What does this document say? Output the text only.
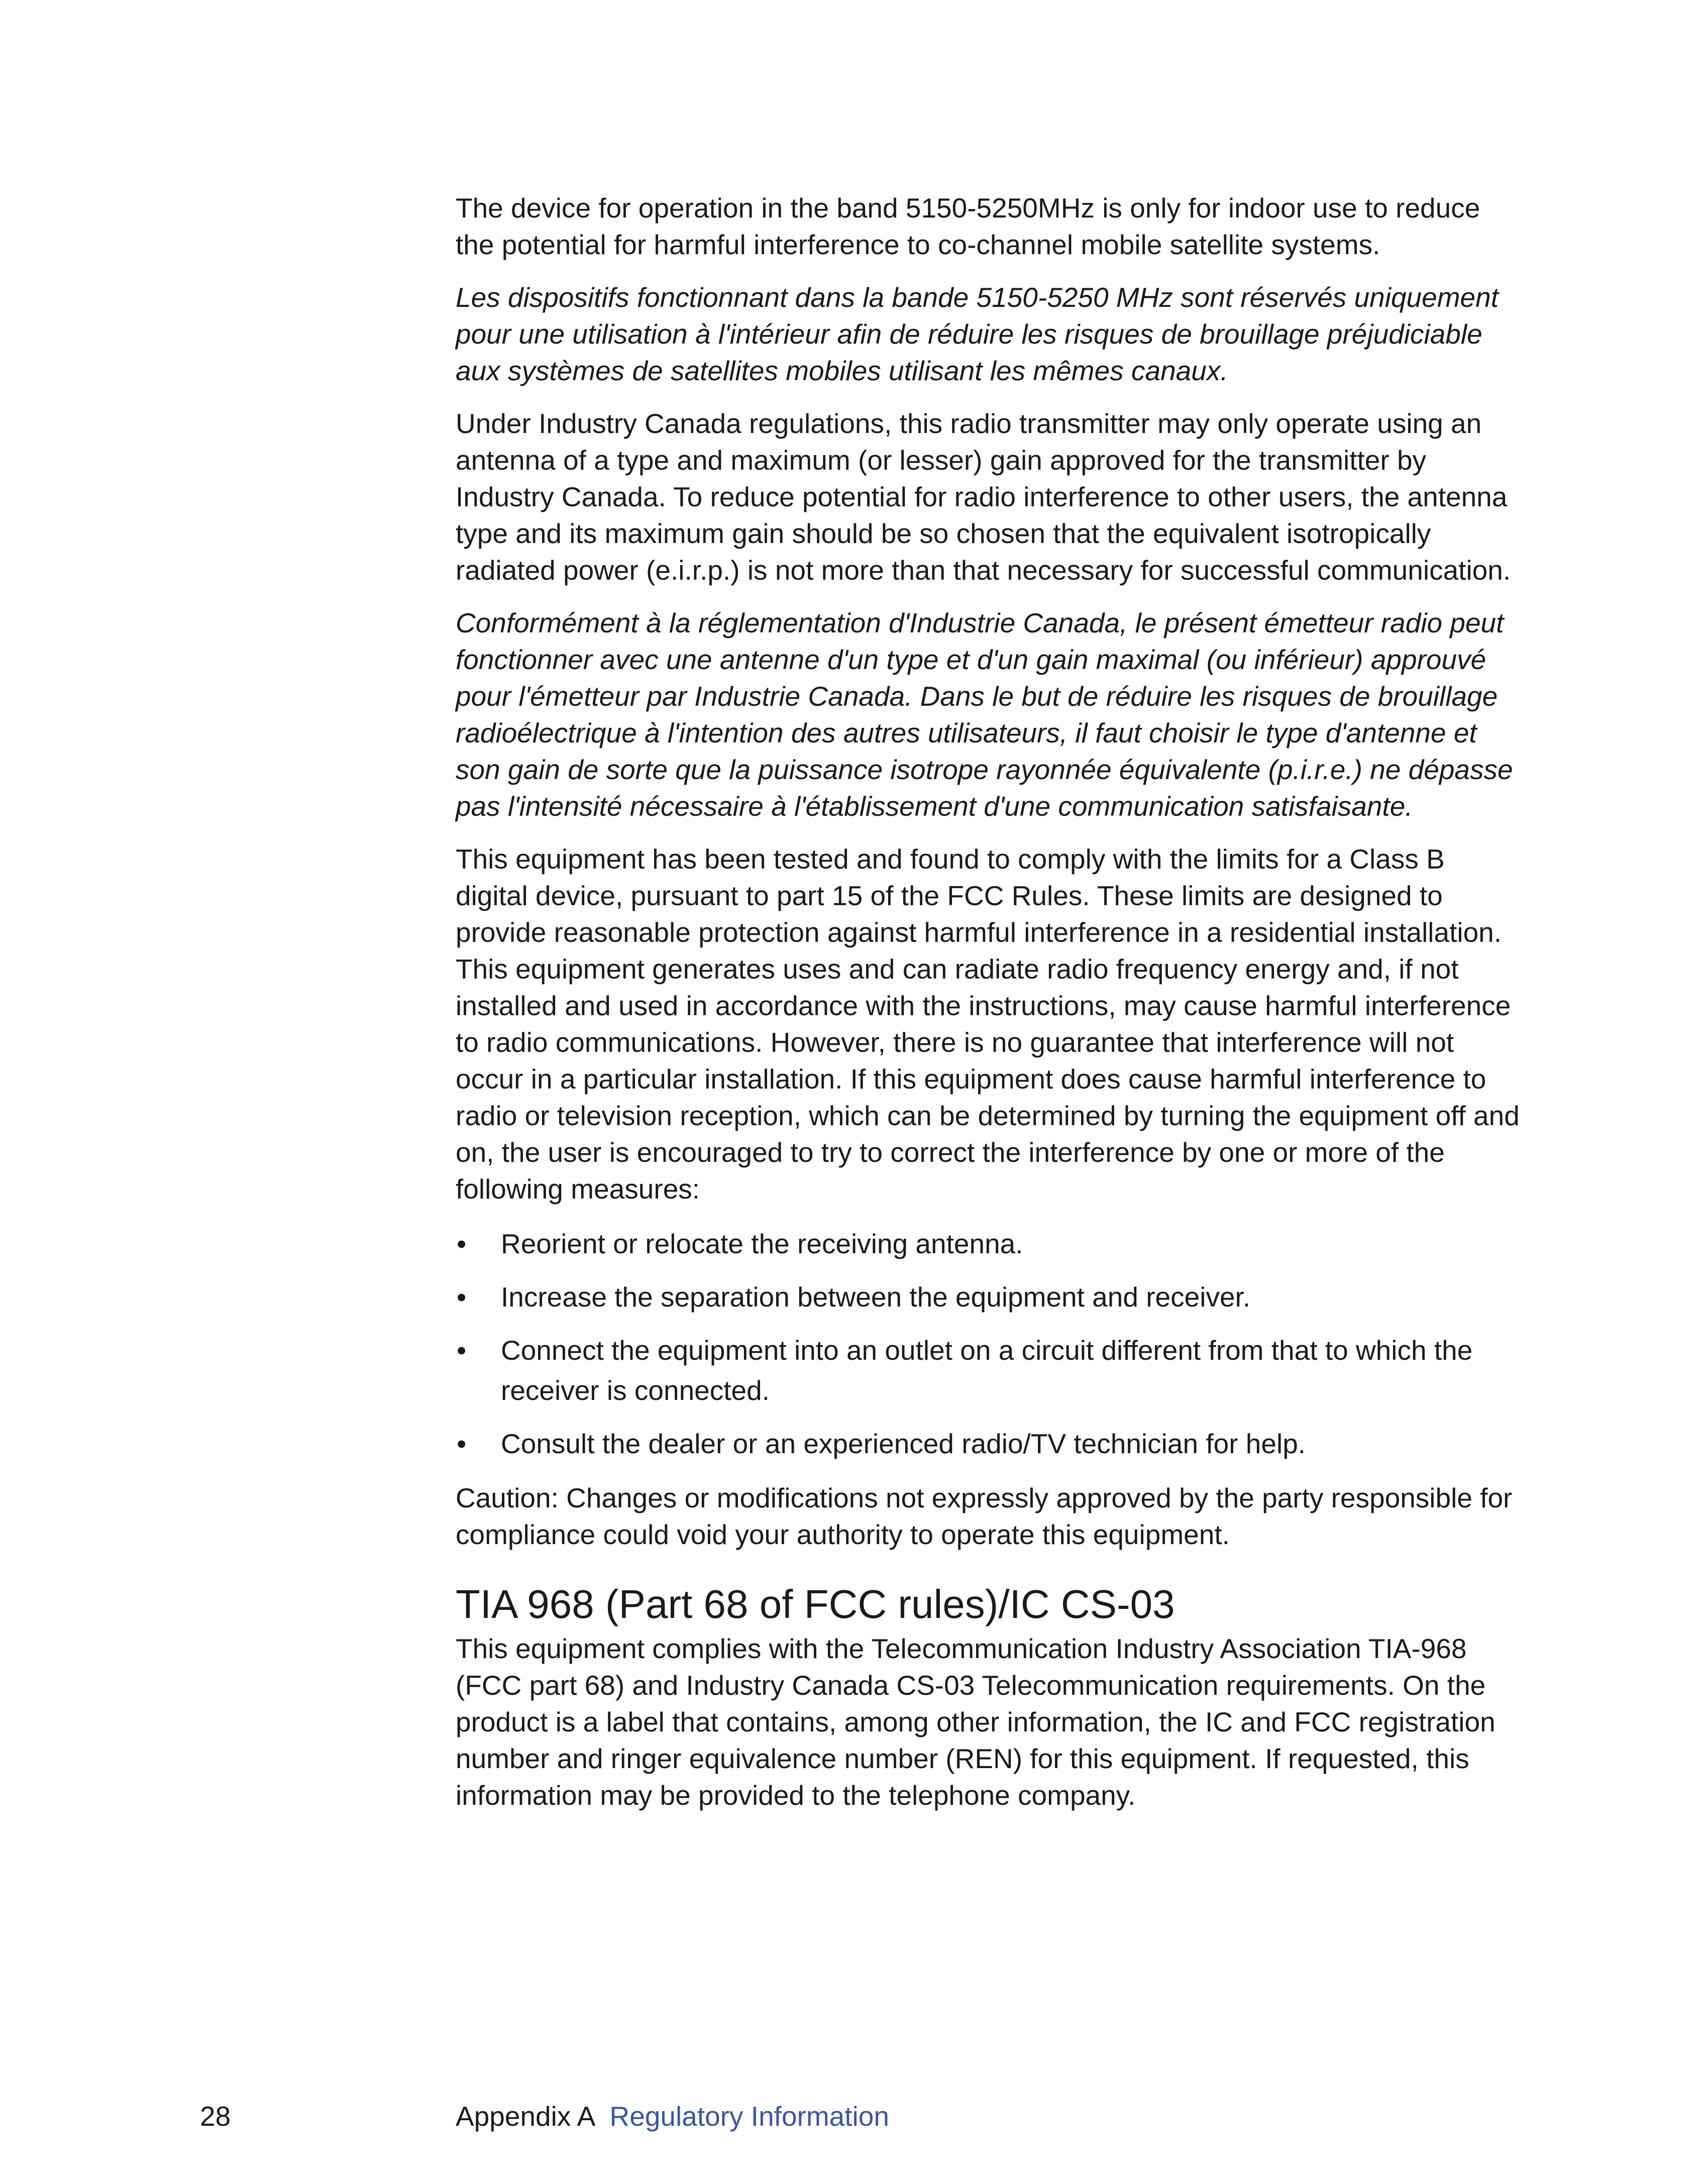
The device for operation in the band 5150-5250MHz is only for indoor use to reduce the potential for harmful interference to co-channel mobile satellite systems.

Les dispositifs fonctionnant dans la bande 5150-5250 MHz sont réservés uniquement pour une utilisation à l'intérieur afin de réduire les risques de brouillage préjudiciable aux systèmes de satellites mobiles utilisant les mêmes canaux.

Under Industry Canada regulations, this radio transmitter may only operate using an antenna of a type and maximum (or lesser) gain approved for the transmitter by Industry Canada. To reduce potential for radio interference to other users, the antenna type and its maximum gain should be so chosen that the equivalent isotropically radiated power (e.i.r.p.) is not more than that necessary for successful communication.

Conformément à la réglementation d'Industrie Canada, le présent émetteur radio peut fonctionner avec une antenne d'un type et d'un gain maximal (ou inférieur) approuvé pour l'émetteur par Industrie Canada. Dans le but de réduire les risques de brouillage radioélectrique à l'intention des autres utilisateurs, il faut choisir le type d'antenne et son gain de sorte que la puissance isotrope rayonnée équivalente (p.i.r.e.) ne dépasse pas l'intensité nécessaire à l'établissement d'une communication satisfaisante.

This equipment has been tested and found to comply with the limits for a Class B digital device, pursuant to part 15 of the FCC Rules. These limits are designed to provide reasonable protection against harmful interference in a residential installation. This equipment generates uses and can radiate radio frequency energy and, if not installed and used in accordance with the instructions, may cause harmful interference to radio communications. However, there is no guarantee that interference will not occur in a particular installation. If this equipment does cause harmful interference to radio or television reception, which can be determined by turning the equipment off and on, the user is encouraged to try to correct the interference by one or more of the following measures:

• Reorient or relocate the receiving antenna.
• Increase the separation between the equipment and receiver.
• Connect the equipment into an outlet on a circuit different from that to which the receiver is connected.
• Consult the dealer or an experienced radio/TV technician for help.

Caution: Changes or modifications not expressly approved by the party responsible for compliance could void your authority to operate this equipment.

TIA 968 (Part 68 of FCC rules)/IC CS-03

This equipment complies with the Telecommunication Industry Association TIA-968 (FCC part 68) and Industry Canada CS-03 Telecommunication requirements. On the product is a label that contains, among other information, the IC and FCC registration number and ringer equivalence number (REN) for this equipment. If requested, this information may be provided to the telephone company.

28	Appendix A Regulatory Information
